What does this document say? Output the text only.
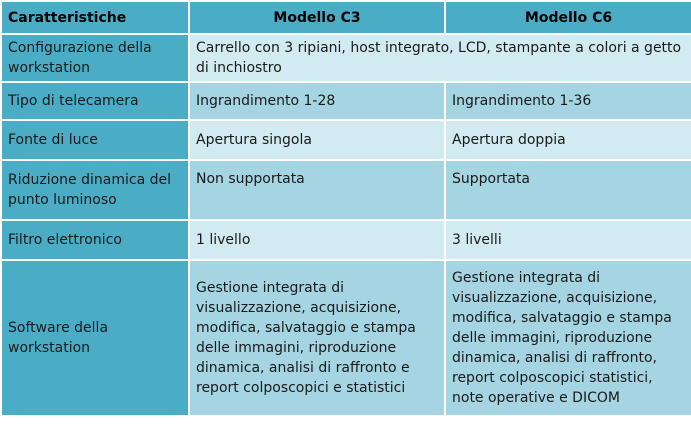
Caratteristiche	Modello C3	Modello C6
Configurazione della workstation	Carrello con 3 ripiani, host integrato, LCD, stampante a colori a getto di inchiostro	
Tipo di telecamera	Ingrandimento 1-28	Ingrandimento 1-36
Fonte di luce	Apertura singola	Apertura doppia
Riduzione dinamica del punto luminoso	Non supportata	Supportata
Filtro elettronico	1 livello	3 livelli
Software della workstation	Gestione integrata di visualizzazione, acquisizione, modifica, salvataggio e stampa delle immagini, riproduzione dinamica, analisi di raffronto e report colposcopici e statistici	Gestione integrata di visualizzazione, acquisizione, modifica, salvataggio e stampa delle immagini, riproduzione dinamica, analisi di raffronto, report colposcopici statistici, note operative e DICOM
